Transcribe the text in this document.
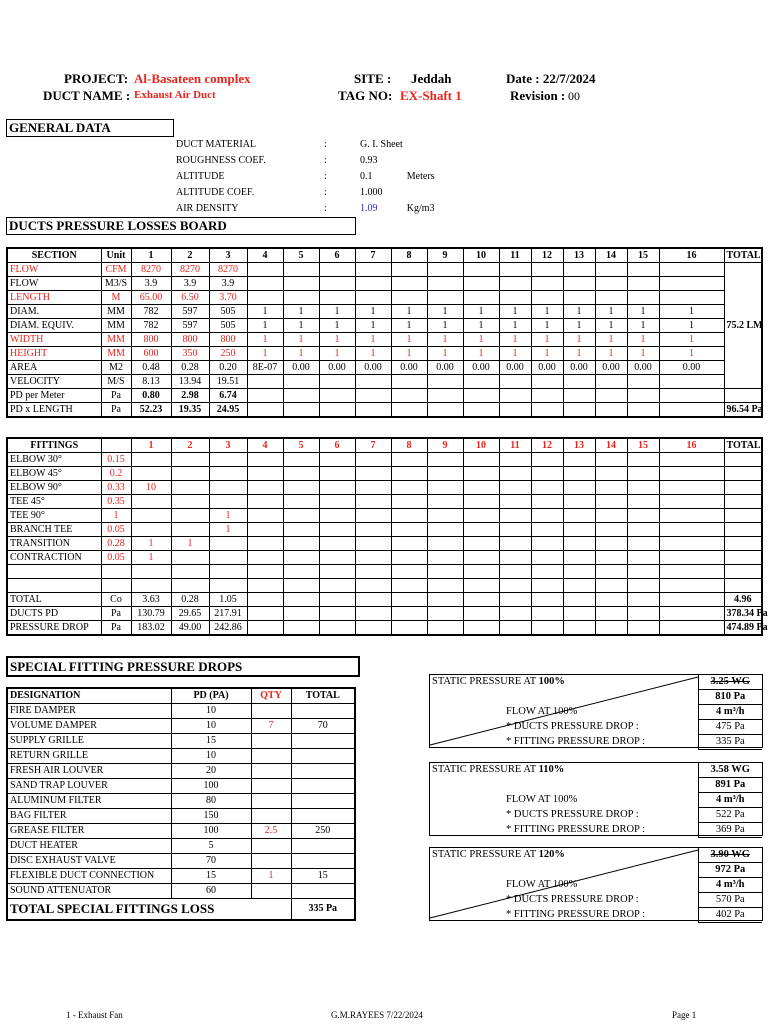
PROJECT: Al-Basateen complex
DUCT NAME : Exhaust Air Duct
SITE : Jeddah
TAG NO: EX-Shaft 1
Date : 22/7/2024
Revision : 00
GENERAL DATA
DUCT MATERIAL	:	G. I. Sheet	
ROUGHNESS COEF.	:	0.93	
ALTITUDE	:	0.1	Meters
ALTITUDE COEF.	:	1.000	
AIR DENSITY	:	1.09	Kg/m3
DUCTS PRESSURE LOSSES BOARD
SECTION	Unit	1	2	3	4	5	6	7	8	9	10	11	12	13	14	15	16	TOTAL
FLOW	CFM	8270	8270	8270														75.2 LM
FLOW	M3/S	3.9	3.9	3.9														
LENGTH	M	65.00	6.50	3.70														
DIAM.	MM	782	597	505	1	1	1	1	1	1	1	1	1	1	1	1	1	
DIAM. EQUIV.	MM	782	597	505	1	1	1	1	1	1	1	1	1	1	1	1	1	
WIDTH	MM	800	800	800	1	1	1	1	1	1	1	1	1	1	1	1	1	
HEIGHT	MM	600	350	250	1	1	1	1	1	1	1	1	1	1	1	1	1	
AREA	M2	0.48	0.28	0.20	8E-07	0.00	0.00	0.00	0.00	0.00	0.00	0.00	0.00	0.00	0.00	0.00	0.00	
VELOCITY	M/S	8.13	13.94	19.51														
PD per Meter	Pa	0.80	2.98	6.74														
PD x LENGTH	Pa	52.23	19.35	24.95														96.54 Pa
FITTINGS		1	2	3	4	5	6	7	8	9	10	11	12	13	14	15	16	TOTAL
ELBOW 30°	0.15																	
ELBOW 45°	0.2																	
ELBOW 90°	0.33	10																
TEE 45°	0.35																	
TEE 90°	1			1														
BRANCH TEE	0.05			1														
TRANSITION	0.28	1	1															
CONTRACTION	0.05	1																

TOTAL	Co	3.63	0.28	1.05														4.96
DUCTS PD	Pa	130.79	29.65	217.91														378.34 Pa
PRESSURE DROP	Pa	183.02	49.00	242.86														474.89 Pa
SPECIAL FITTING PRESSURE DROPS
DESIGNATION	PD (PA)	QTY	TOTAL
FIRE DAMPER	10		
VOLUME DAMPER	10	7	70
SUPPLY GRILLE	15		
RETURN GRILLE	10		
FRESH AIR LOUVER	20		
SAND TRAP LOUVER	100		
ALUMINUM FILTER	80		
BAG FILTER	150		
GREASE FILTER	100	2.5	250
DUCT HEATER	5		
DISC EXHAUST VALVE	70		
FLEXIBLE DUCT CONNECTION	15	1	15
SOUND ATTENUATOR	60		
TOTAL SPECIAL FITTINGS LOSS			335 Pa
STATIC PRESSURE AT 100%	3.25 WG
	810 Pa
FLOW AT 100%	4 m³/h
* DUCTS PRESSURE DROP :	475 Pa
* FITTING PRESSURE DROP :	335 Pa
STATIC PRESSURE AT 110%	3.58 WG
	891 Pa
FLOW AT 100%	4 m³/h
* DUCTS PRESSURE DROP :	522 Pa
* FITTING PRESSURE DROP :	369 Pa
STATIC PRESSURE AT 120%	3.90 WG
	972 Pa
FLOW AT 100%	4 m³/h
* DUCTS PRESSURE DROP :	570 Pa
* FITTING PRESSURE DROP :	402 Pa
1 - Exhaust Fan	G.M.RAYEES 7/22/2024	Page 1
